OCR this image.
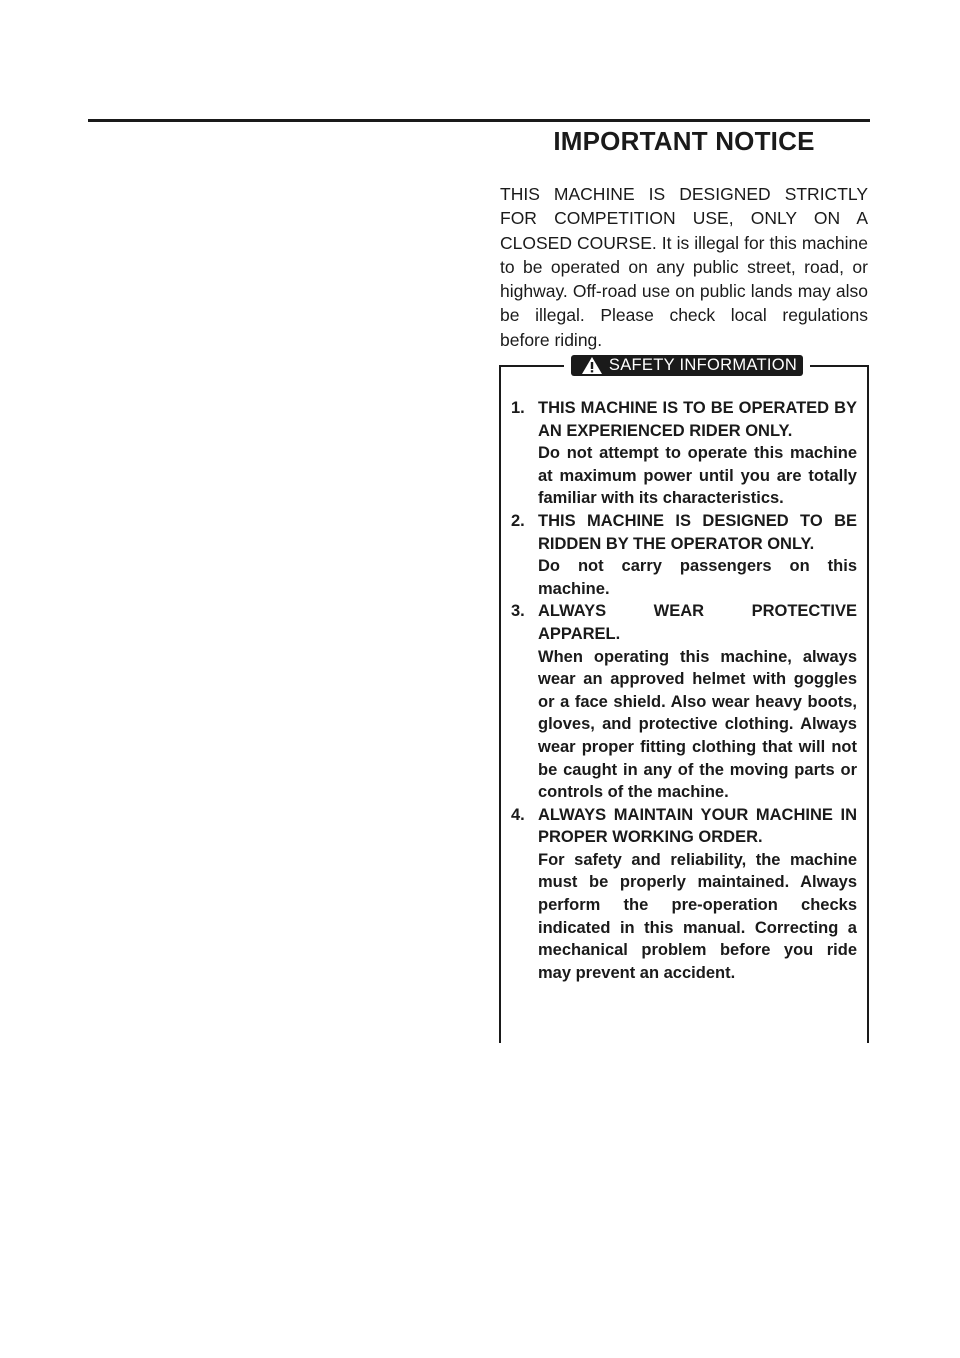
IMPORTANT NOTICE

THIS MACHINE IS DESIGNED STRICTLY FOR COMPETITION USE, ONLY ON A CLOSED COURSE. It is illegal for this machine to be operated on any public street, road, or highway. Off-road use on public lands may also be illegal. Please check local regulations before riding.

SAFETY INFORMATION
1. THIS MACHINE IS TO BE OPERATED BY AN EXPERIENCED RIDER ONLY.
Do not attempt to operate this machine at maximum power until you are totally familiar with its characteristics.
2. THIS MACHINE IS DESIGNED TO BE RIDDEN BY THE OPERATOR ONLY.
Do not carry passengers on this machine.
3. ALWAYS WEAR PROTECTIVE APPAREL.
When operating this machine, always wear an approved helmet with goggles or a face shield. Also wear heavy boots, gloves, and protective clothing. Always wear proper fitting clothing that will not be caught in any of the moving parts or controls of the machine.
4. ALWAYS MAINTAIN YOUR MACHINE IN PROPER WORKING ORDER.
For safety and reliability, the machine must be properly maintained. Always perform the pre-operation checks indicated in this manual. Correcting a mechanical problem before you ride may prevent an accident.
